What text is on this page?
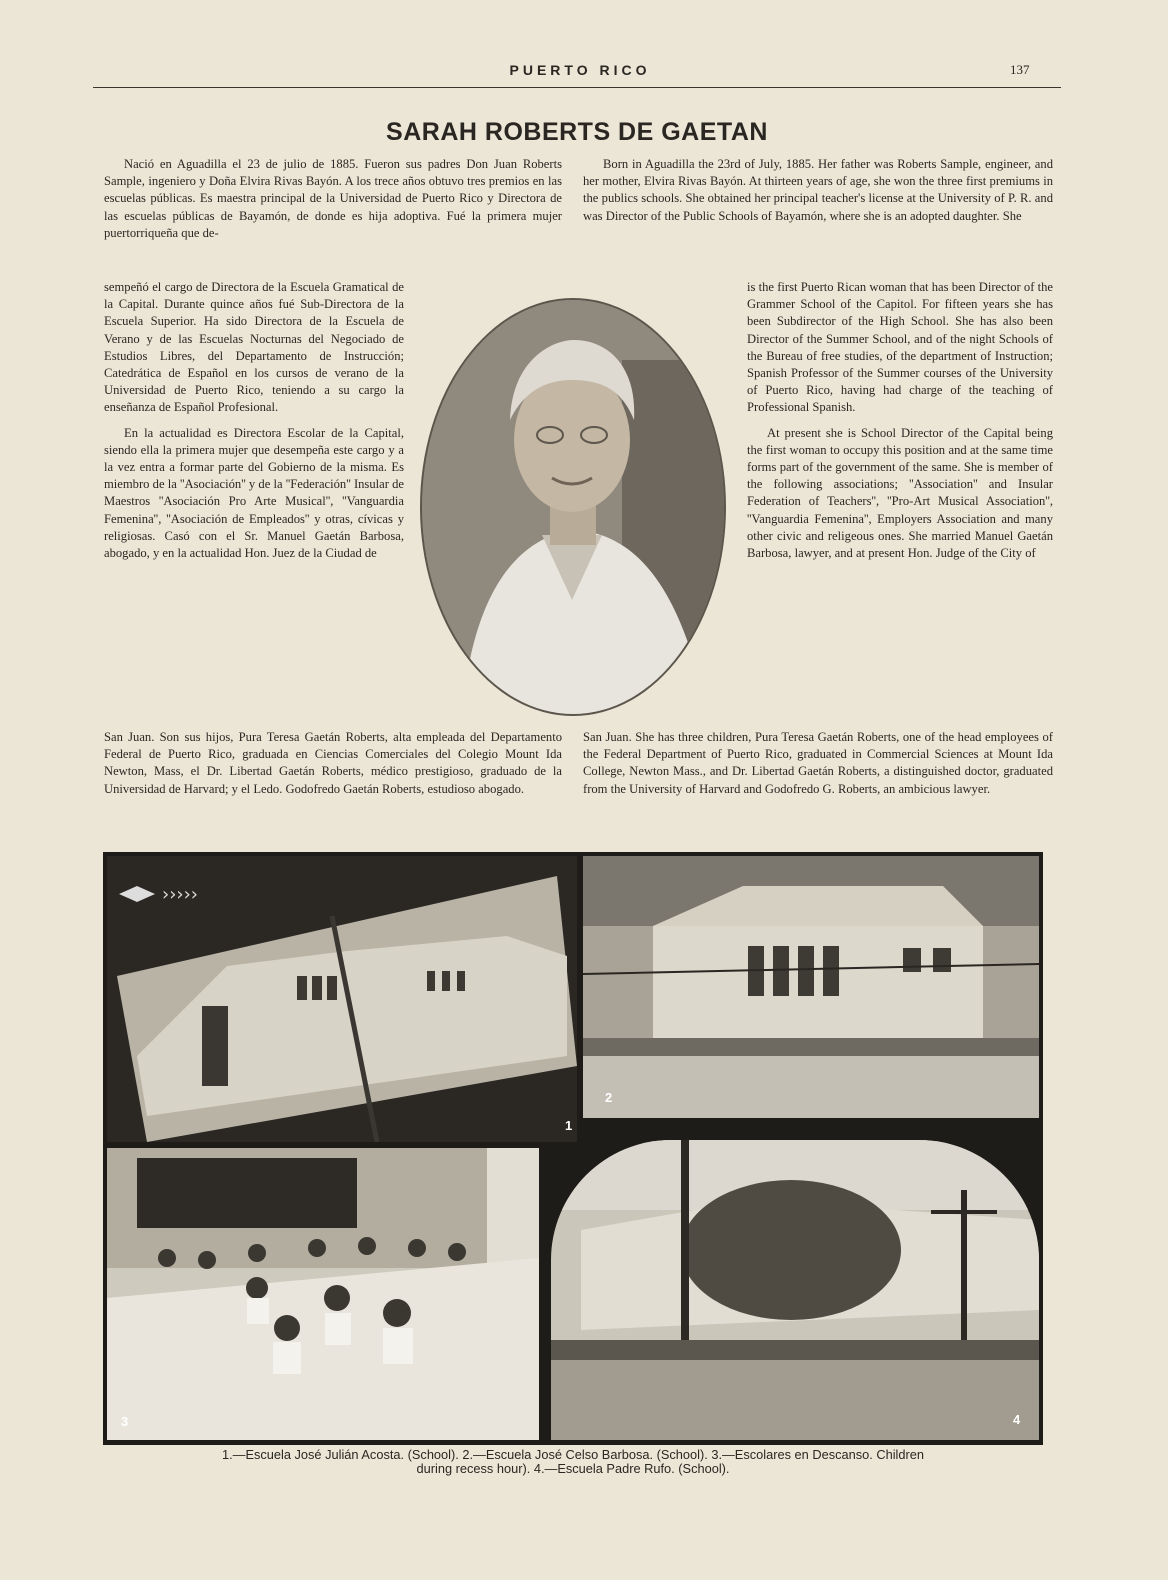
PUERTO RICO	137
SARAH ROBERTS DE GAETAN

Nació en Aguadilla el 23 de julio de 1885. Fueron sus padres Don Juan Roberts Sample, ingeniero y Doña Elvira Rivas Bayón. A los trece años obtuvo tres premios en las escuelas públicas. Es maestra principal de la Universidad de Puerto Rico y Directora de las escuelas públicas de Bayamón, de donde es hija adoptiva. Fué la primera mujer puertorriqueña que de-

sempeñó el cargo de Directora de la Escuela Gramatical de la Capital. Durante quince años fué Sub-Directora de la Escuela Superior. Ha sido Directora de la Escuela de Verano y de las Escuelas Nocturnas del Negociado de Estudios Libres, del Departamento de Instrucción; Catedrática de Español en los cursos de verano de la Universidad de Puerto Rico, teniendo a su cargo la enseñanza de Español Profesional.

En la actualidad es Directora Escolar de la Capital, siendo ella la primera mujer que desempeña este cargo y a la vez entra a formar parte del Gobierno de la misma. Es miembro de la ''Asociación'' y de la ''Federación'' Insular de Maestros ''Asociación Pro Arte Musical'', ''Vanguardia Femenina'', ''Asociación de Empleados'' y otras, cívicas y religiosas. Casó con el Sr. Manuel Gaetán Barbosa, abogado, y en la actualidad Hon. Juez de la Ciudad de

San Juan. Son sus hijos, Pura Teresa Gaetán Roberts, alta empleada del Departamento Federal de Puerto Rico, graduada en Ciencias Comerciales del Colegio Mount Ida Newton, Mass, el Dr. Libertad Gaetán Roberts, médico prestigioso, graduado de la Universidad de Harvard; y el Ledo. Godofredo Gaetán Roberts, estudioso abogado.

Born in Aguadilla the 23rd of July, 1885. Her father was Roberts Sample, engineer, and her mother, Elvira Rivas Bayón. At thirteen years of age, she won the three first premiums in the publics schools. She obtained her principal teacher's license at the University of P. R. and was Director of the Public Schools of Bayamón, where she is an adopted daughter. She

is the first Puerto Rican woman that has been Director of the Grammer School of the Capitol. For fifteen years she has been Subdirector of the High School. She has also been Director of the Summer School, and of the night Schools of the Bureau of free studies, of the department of Instruction; Spanish Professor of the Summer courses of the University of Puerto Rico, having had charge of the teaching of Professional Spanish.

At present she is School Director of the Capital being the first woman to occupy this position and at the same time forms part of the government of the same. She is member of the following associations; ''Association'' and Insular Federation of Teachers'', ''Pro-Art Musical Association'', ''Vanguardia Femenina'', Employers Association and many other civic and religeous ones. She married Manuel Gaetán Barbosa, lawyer, and at present Hon. Judge of the City of

San Juan. She has three children, Pura Teresa Gaetán Roberts, one of the head employees of the Federal Department of Puerto Rico, graduated in Commercial Sciences at Mount Ida College, Newton Mass., and Dr. Libertad Gaetán Roberts, a distinguished doctor, graduated from the University of Harvard and Godofredo G. Roberts, an ambicious lawyer.

›››››
1
2
3	4
1.—Escuela José Julián Acosta. (School). 2.—Escuela José Celso Barbosa. (School). 3.—Escolares en Descanso. Children
during recess hour). 4.—Escuela Padre Rufo. (School).
